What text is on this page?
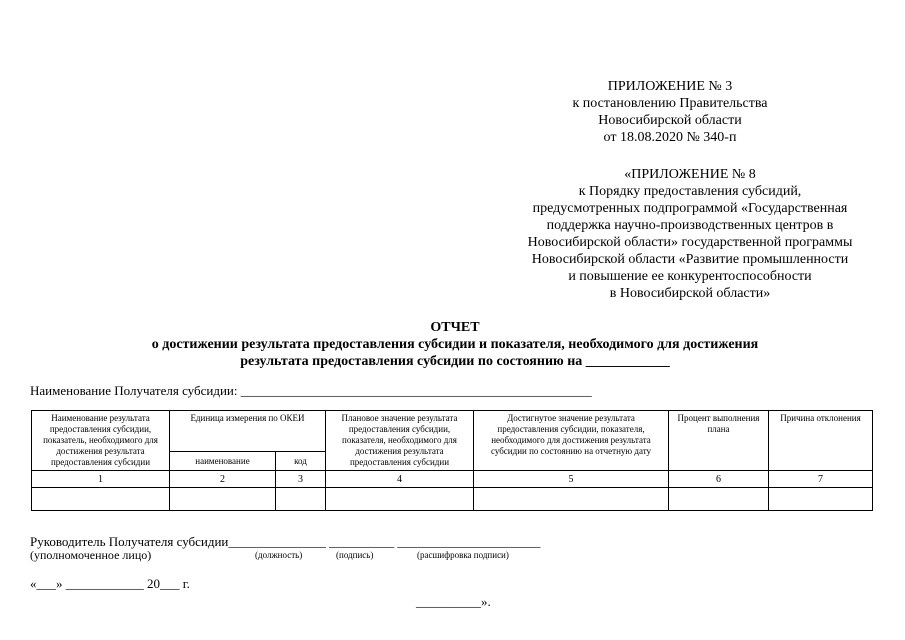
ПРИЛОЖЕНИЕ № 3
к постановлению Правительства
Новосибирской области
от 18.08.2020 № 340-п
«ПРИЛОЖЕНИЕ № 8
к Порядку предоставления субсидий,
предусмотренных подпрограммой «Государственная
поддержка научно-производственных центров в
Новосибирской области» государственной программы
Новосибирской области «Развитие промышленности
и повышение ее конкурентоспособности
в Новосибирской области»
ОТЧЕТ
о достижении результата предоставления субсидии и показателя, необходимого для достижения
результата предоставления субсидии по состоянию на ____________
Наименование Получателя субсидии: ______________________________________________________
Наименование результата предоставления субсидии, показатель, необходимого для достижения результата предоставления субсидии	Единица измерения по ОКЕИ		Плановое значение результата предоставления субсидии, показателя, необходимого для достижения результата предоставления субсидии	Достигнутое значение результата предоставления субсидии, показателя, необходимого для достижения результата субсидии по состоянию на отчетную дату	Процент выполнения плана	Причина отклонения
	наименование	код				
1	2	3	4	5	6	7

Руководитель Получателя субсидии_______________ __________ ______________________
(уполномоченное лицо)	(должность)	(подпись)	(расшифровка подписи)
«___» ____________ 20___ г.
__________».
